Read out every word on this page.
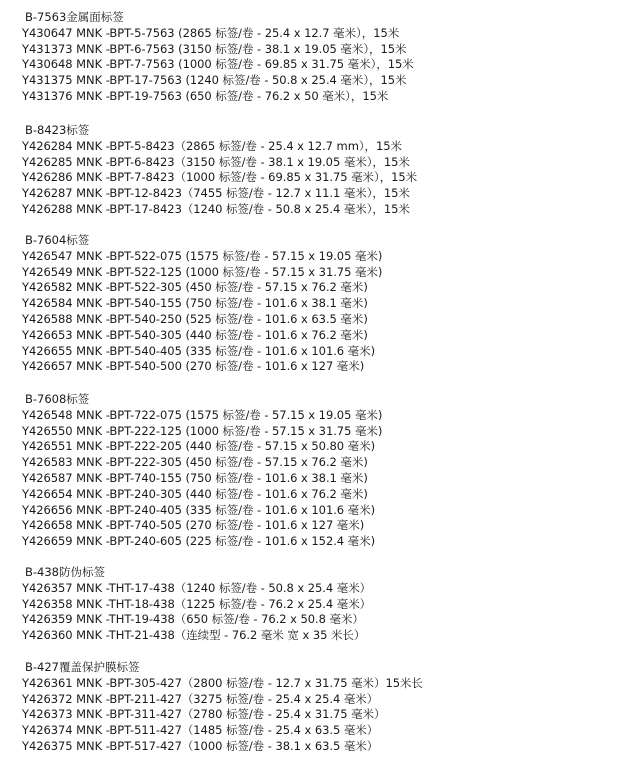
B-7563金属面标签
Y430647 MNK -BPT-5-7563 (2865 标签/卷 - 25.4 x 12.7 毫米），15米
Y431373 MNK -BPT-6-7563 (3150 标签/卷 - 38.1 x 19.05 毫米），15米
Y430648 MNK -BPT-7-7563 (1000 标签/卷 - 69.85 x 31.75 毫米），15米
Y431375 MNK -BPT-17-7563 (1240 标签/卷 - 50.8 x 25.4 毫米），15米
Y431376 MNK -BPT-19-7563 (650 标签/卷 - 76.2 x 50 毫米），15米
B-8423标签
Y426284 MNK -BPT-5-8423（2865 标签/卷 - 25.4 x 12.7 mm），15米
Y426285 MNK -BPT-6-8423（3150 标签/卷 - 38.1 x 19.05 毫米），15米
Y426286 MNK -BPT-7-8423（1000 标签/卷 - 69.85 x 31.75 毫米），15米
Y426287 MNK -BPT-12-8423（7455 标签/卷 - 12.7 x 11.1 毫米），15米
Y426288 MNK -BPT-17-8423（1240 标签/卷 - 50.8 x 25.4 毫米），15米
B-7604标签
Y426547 MNK -BPT-522-075 (1575 标签/卷 - 57.15 x 19.05 毫米)
Y426549 MNK -BPT-522-125 (1000 标签/卷 - 57.15 x 31.75 毫米)
Y426582 MNK -BPT-522-305 (450 标签/卷 - 57.15 x 76.2 毫米)
Y426584 MNK -BPT-540-155 (750 标签/卷 - 101.6 x 38.1 毫米)
Y426588 MNK -BPT-540-250 (525 标签/卷 - 101.6 x 63.5 毫米)
Y426653 MNK -BPT-540-305 (440 标签/卷 - 101.6 x 76.2 毫米)
Y426655 MNK -BPT-540-405 (335 标签/卷 - 101.6 x 101.6 毫米)
Y426657 MNK -BPT-540-500 (270 标签/卷 - 101.6 x 127 毫米)
B-7608标签
Y426548 MNK -BPT-722-075 (1575 标签/卷 - 57.15 x 19.05 毫米)
Y426550 MNK -BPT-222-125 (1000 标签/卷 - 57.15 x 31.75 毫米)
Y426551 MNK -BPT-222-205 (440 标签/卷 - 57.15 x 50.80 毫米)
Y426583 MNK -BPT-222-305 (450 标签/卷 - 57.15 x 76.2 毫米)
Y426587 MNK -BPT-740-155 (750 标签/卷 - 101.6 x 38.1 毫米)
Y426654 MNK -BPT-240-305 (440 标签/卷 - 101.6 x 76.2 毫米)
Y426656 MNK -BPT-240-405 (335 标签/卷 - 101.6 x 101.6 毫米)
Y426658 MNK -BPT-740-505 (270 标签/卷 - 101.6 x 127 毫米)
Y426659 MNK -BPT-240-605 (225 标签/卷 - 101.6 x 152.4 毫米)
B-438防伪标签
Y426357 MNK -THT-17-438（1240 标签/卷 - 50.8 x 25.4 毫米）
Y426358 MNK -THT-18-438（1225 标签/卷 - 76.2 x 25.4 毫米）
Y426359 MNK -THT-19-438（650 标签/卷 - 76.2 x 50.8 毫米）
Y426360 MNK -THT-21-438（连续型 - 76.2 毫米 宽 x 35 米长）
B-427覆盖保护膜标签
Y426361 MNK -BPT-305-427（2800 标签/卷 - 12.7 x 31.75 毫米）15米长
Y426372 MNK -BPT-211-427（3275 标签/卷 - 25.4 x 25.4 毫米）
Y426373 MNK -BPT-311-427（2780 标签/卷 - 25.4 x 31.75 毫米）
Y426374 MNK -BPT-511-427（1485 标签/卷 - 25.4 x 63.5 毫米）
Y426375 MNK -BPT-517-427（1000 标签/卷 - 38.1 x 63.5 毫米）
